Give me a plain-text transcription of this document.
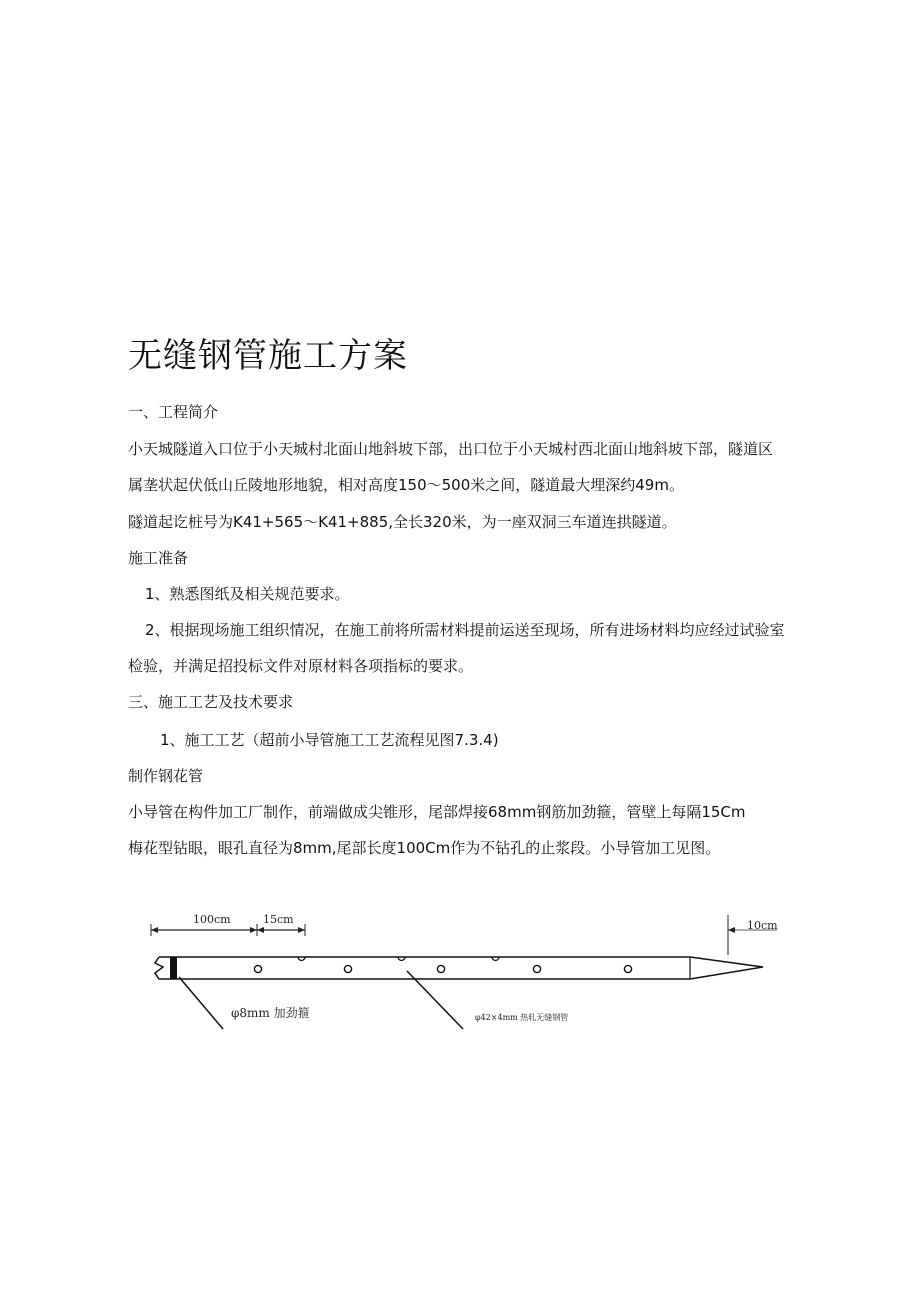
无缝钢管施工方案

一、工程简介

小天城隧道入口位于小天城村北面山地斜坡下部，出口位于小天城村西北面山地斜坡下部，隧道区

属垄状起伏低山丘陵地形地貌，相对高度150～500米之间，隧道最大埋深约49m。

隧道起讫桩号为K41+565～K41+885,全长320米，为一座双洞三车道连拱隧道。

施工准备

1、熟悉图纸及相关规范要求。

2、根据现场施工组织情况，在施工前将所需材料提前运送至现场，所有进场材料均应经过试验室

检验，并满足招投标文件对原材料各项指标的要求。

三、施工工艺及技术要求

1、施工工艺（超前小导管施工工艺流程见图7.3.4)

制作钢花管

小导管在构件加工厂制作，前端做成尖锥形，尾部焊接68mm钢筋加劲箍，管壁上每隔15Cm

梅花型钻眼，眼孔直径为8mm,尾部长度100Cm作为不钻孔的止浆段。小导管加工见图。

100cm	15cm	10cm
φ8mm 加劲箍	φ42×4mm 热轧无缝钢管
